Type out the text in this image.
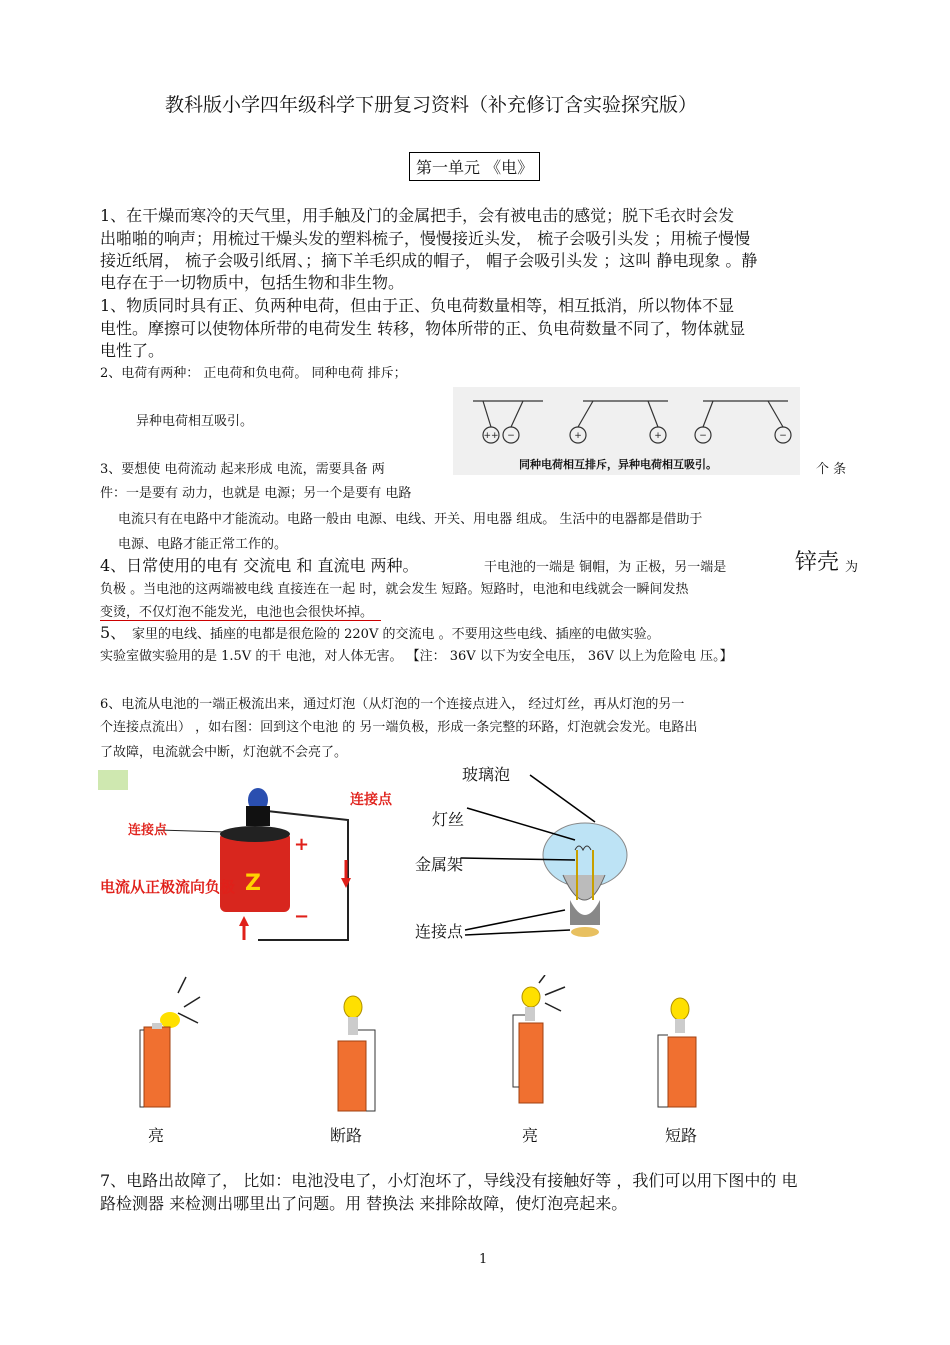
教科版小学四年级科学下册复习资料（补充修订含实验探究版）
第一单元 《电》
1、在干燥而寒冷的天气里，用手触及门的金属把手，会有被电击的感觉；脱下毛衣时会发
出啪啪的响声；用梳过干燥头发的塑料梳子，慢慢接近头发， 梳子会吸引头发 ；用梳子慢慢
接近纸屑， 梳子会吸引纸屑、；摘下羊毛织成的帽子， 帽子会吸引头发 ；这叫 静电现象 。静
电存在于一切物质中，包括生物和非生物。
1、物质同时具有正、负两种电荷，但由于正、负电荷数量相等，相互抵消，所以物体不显
电性。摩擦可以使物体所带的电荷发生 转移，物体所带的正、负电荷数量不同了，物体就显
电性了。
2、电荷有两种： 正电荷和负电荷。 同种电荷 排斥；
异种电荷相互吸引。
++ −	+	+	−	−
同种电荷相互排斥，异种电荷相互吸引。
3、要想使 电荷流动 起来形成 电流，需要具备 两	个 条
件：一是要有 动力，也就是 电源；另一个是要有 电路
电流只有在电路中才能流动。电路一般由 电源、电线、开关、用电器 组成。 生活中的电器都是借助于
电源、电路才能正常工作的。
4、日常使用的电有 交流电 和 直流电 两种。	干电池的一端是 铜帽，为 正极，另一端是	锌壳 为
负极 。当电池的这两端被电线 直接连在一起 时，就会发生 短路。短路时，电池和电线就会一瞬间发热
变烫，不仅灯泡不能发光，电池也会很快坏掉。
5、 家里的电线、插座的电都是很危险的 220V 的交流电 。不要用这些电线、插座的电做实验。
实验室做实验用的是 1.5V 的干 电池，对人体无害。 【注： 36V 以下为安全电压， 36V 以上为危险电 压。】
6、电流从电池的一端正极流出来，通过灯泡（从灯泡的一个连接点进入， 经过灯丝，再从灯泡的另一
个连接点流出） ，如右图：回到这个电池 的 另一端负极，形成一条完整的环路，灯泡就会发光。电路出
了故障，电流就会中断，灯泡就不会亮了。
Z
连接点
连接点
+
−
电流从正极流向负极
玻璃泡
灯丝
金属架
连接点
亮	断路	亮	短路
7、电路出故障了， 比如：电池没电了，小灯泡坏了，导线没有接触好等 ，我们可以用下图中的 电
路检测器 来检测出哪里出了问题。用 替换法 来排除故障，使灯泡亮起来。
1
